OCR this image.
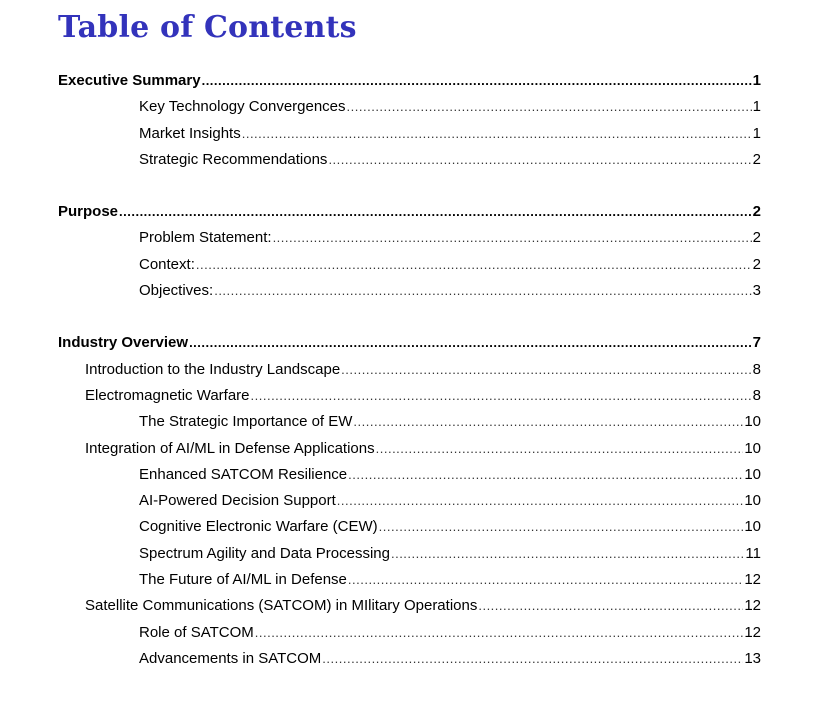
Table of Contents
Executive Summary .....	1
Key Technology Convergences .....	1
Market Insights .....	1
Strategic Recommendations .....	2
Purpose .....	2
Problem Statement: .....	2
Context: .....	2
Objectives: .....	3
Industry Overview .....	7
Introduction to the Industry Landscape .....	8
Electromagnetic Warfare .....	8
The Strategic Importance of EW .....	10
Integration of AI/ML in Defense Applications .....	10
Enhanced SATCOM Resilience .....	10
AI-Powered Decision Support .....	10
Cognitive Electronic Warfare (CEW) .....	10
Spectrum Agility and Data Processing .....	11
The Future of AI/ML in Defense .....	12
Satellite Communications (SATCOM) in MIlitary Operations .....	12
Role of SATCOM .....	12
Advancements in SATCOM .....	13
